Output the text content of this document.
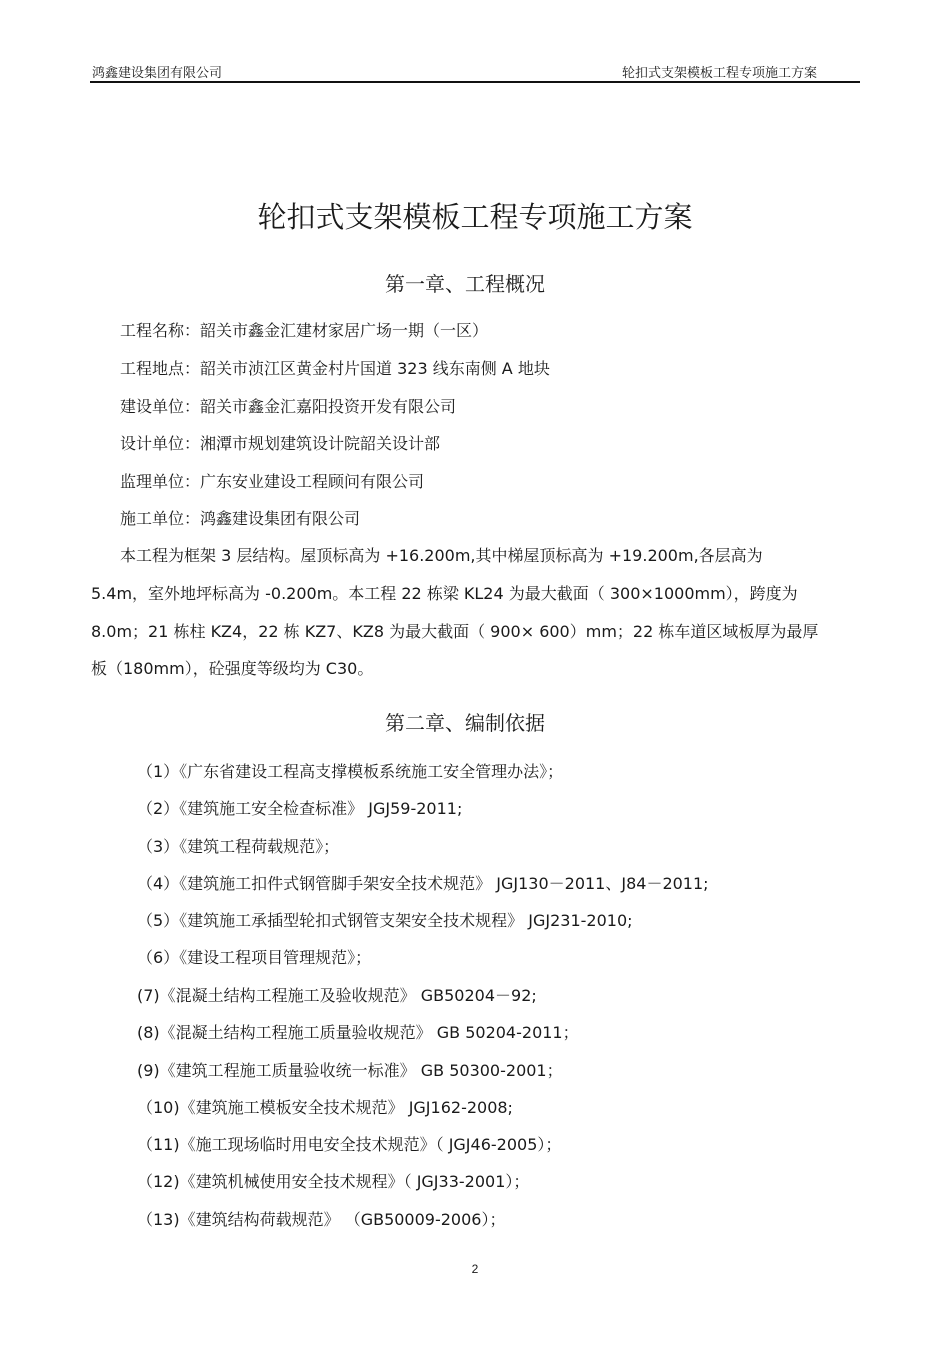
鸿鑫建设集团有限公司	轮扣式支架模板工程专项施工方案
轮扣式支架模板工程专项施工方案
第一章、工程概况
工程名称：韶关市鑫金汇建材家居广场一期（一区）
工程地点：韶关市浈江区黄金村片国道 323 线东南侧 A 地块
建设单位：韶关市鑫金汇嘉阳投资开发有限公司
设计单位：湘潭市规划建筑设计院韶关设计部
监理单位：广东安业建设工程顾问有限公司
施工单位：鸿鑫建设集团有限公司
本工程为框架 3 层结构。屋顶标高为 +16.200m,其中梯屋顶标高为 +19.200m,各层高为
5.4m，室外地坪标高为 -0.200m。本工程 22 栋梁 KL24 为最大截面（ 300×1000mm），跨度为
8.0m；21 栋柱 KZ4，22 栋 KZ7、KZ8 为最大截面（ 900× 600）mm；22 栋车道区域板厚为最厚
板（180mm），砼强度等级均为 C30。
第二章、编制依据
（1）《广东省建设工程高支撑模板系统施工安全管理办法》；
（2）《建筑施工安全检查标准》 JGJ59-2011;
（3）《建筑工程荷载规范》；
（4）《建筑施工扣件式钢管脚手架安全技术规范》 JGJ130－2011、J84－2011;
（5）《建筑施工承插型轮扣式钢管支架安全技术规程》 JGJ231-2010;
（6）《建设工程项目管理规范》；
(7)《混凝土结构工程施工及验收规范》 GB50204－92;
(8)《混凝土结构工程施工质量验收规范》 GB 50204-2011；
(9)《建筑工程施工质量验收统一标准》 GB 50300-2001；
（10)《建筑施工模板安全技术规范》 JGJ162-2008;
（11)《施工现场临时用电安全技术规范》（ JGJ46-2005）；
（12)《建筑机械使用安全技术规程》（ JGJ33-2001）；
（13)《建筑结构荷载规范》 （GB50009-2006）；
2
